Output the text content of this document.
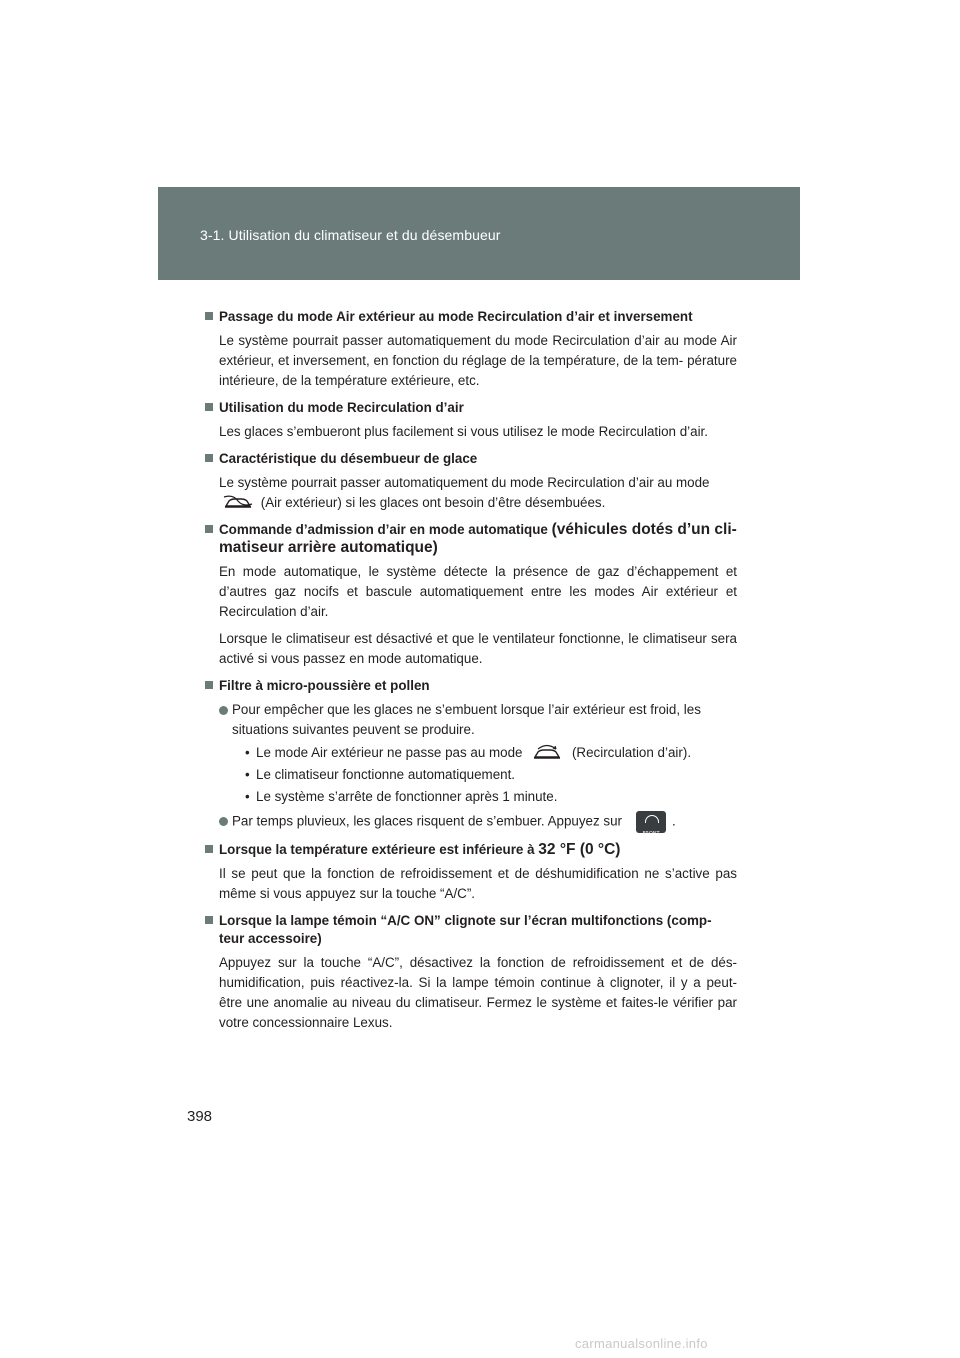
3-1. Utilisation du climatiseur et du désembueur
Passage du mode Air extérieur au mode Recirculation d’air et inversement
Le système pourrait passer automatiquement du mode Recirculation d’air au mode Air extérieur, et inversement, en fonction du réglage de la température, de la tem- pérature intérieure, de la température extérieure, etc.
Utilisation du mode Recirculation d’air
Les glaces s’embueront plus facilement si vous utilisez le mode Recirculation d’air.
Caractéristique du désembueur de glace
Le système pourrait passer automatiquement du mode Recirculation d’air au mode
(Air extérieur) si les glaces ont besoin d’être désembuées.
Commande d’admission d’air en mode automatique (véhicules dotés d’un cli- matiseur arrière automatique)
En mode automatique, le système détecte la présence de gaz d’échappement et d’autres gaz nocifs et bascule automatiquement entre les modes Air extérieur et Recirculation d’air.
Lorsque le climatiseur est désactivé et que le ventilateur fonctionne, le climatiseur sera activé si vous passez en mode automatique.
Filtre à micro-poussière et pollen
Pour empêcher que les glaces ne s’embuent lorsque l’air extérieur est froid, les situations suivantes peuvent se produire.
• Le mode Air extérieur ne passe pas au mode	(Recirculation d’air).
• Le climatiseur fonctionne automatiquement.
• Le système s’arrête de fonctionner après 1 minute.
Par temps pluvieux, les glaces risquent de s’embuer. Appuyez sur
FRONT
.
Lorsque la température extérieure est inférieure à 32 °F (0 °C)
Il se peut que la fonction de refroidissement et de déshumidification ne s’active pas même si vous appuyez sur la touche “A/C”.
Lorsque la lampe témoin “A/C ON” clignote sur l’écran multifonctions (comp- teur accessoire)
Appuyez sur la touche “A/C”, désactivez la fonction de refroidissement et de dés- humidification, puis réactivez-la. Si la lampe témoin continue à clignoter, il y a peut- être une anomalie au niveau du climatiseur. Fermez le système et faites-le vérifier par votre concessionnaire Lexus.
398
carmanualsonline.info
